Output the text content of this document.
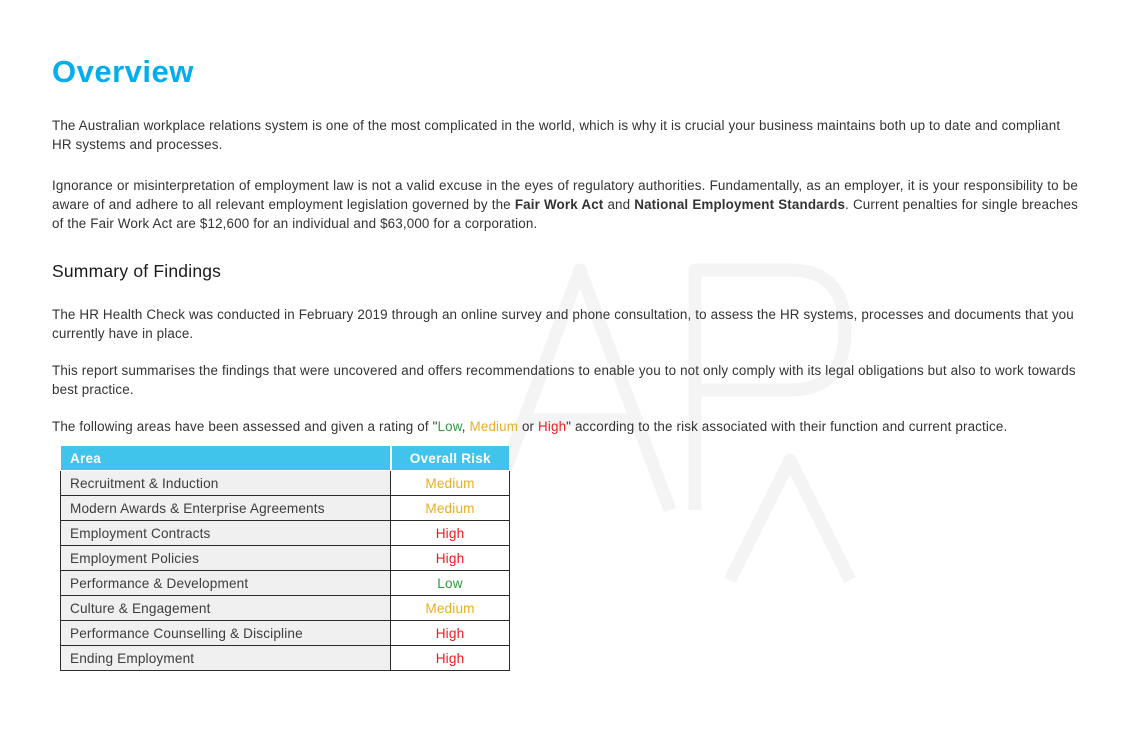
Overview

The Australian workplace relations system is one of the most complicated in the world, which is why it is crucial your business maintains both up to date and compliant HR systems and processes.

Ignorance or misinterpretation of employment law is not a valid excuse in the eyes of regulatory authorities. Fundamentally, as an employer, it is your responsibility to be aware of and adhere to all relevant employment legislation governed by the Fair Work Act and National Employment Standards. Current penalties for single breaches of the Fair Work Act are $12,600 for an individual and $63,000 for a corporation.

Summary of Findings

The HR Health Check was conducted in February 2019 through an online survey and phone consultation, to assess the HR systems, processes and documents that you currently have in place.

This report summarises the findings that were uncovered and offers recommendations to enable you to not only comply with its legal obligations but also to work towards best practice.

The following areas have been assessed and given a rating of "Low, Medium or High" according to the risk associated with their function and current practice.

Area	Overall Risk
Recruitment & Induction	Medium
Modern Awards & Enterprise Agreements	Medium
Employment Contracts	High
Employment Policies	High
Performance & Development	Low
Culture & Engagement	Medium
Performance Counselling & Discipline	High
Ending Employment	High
